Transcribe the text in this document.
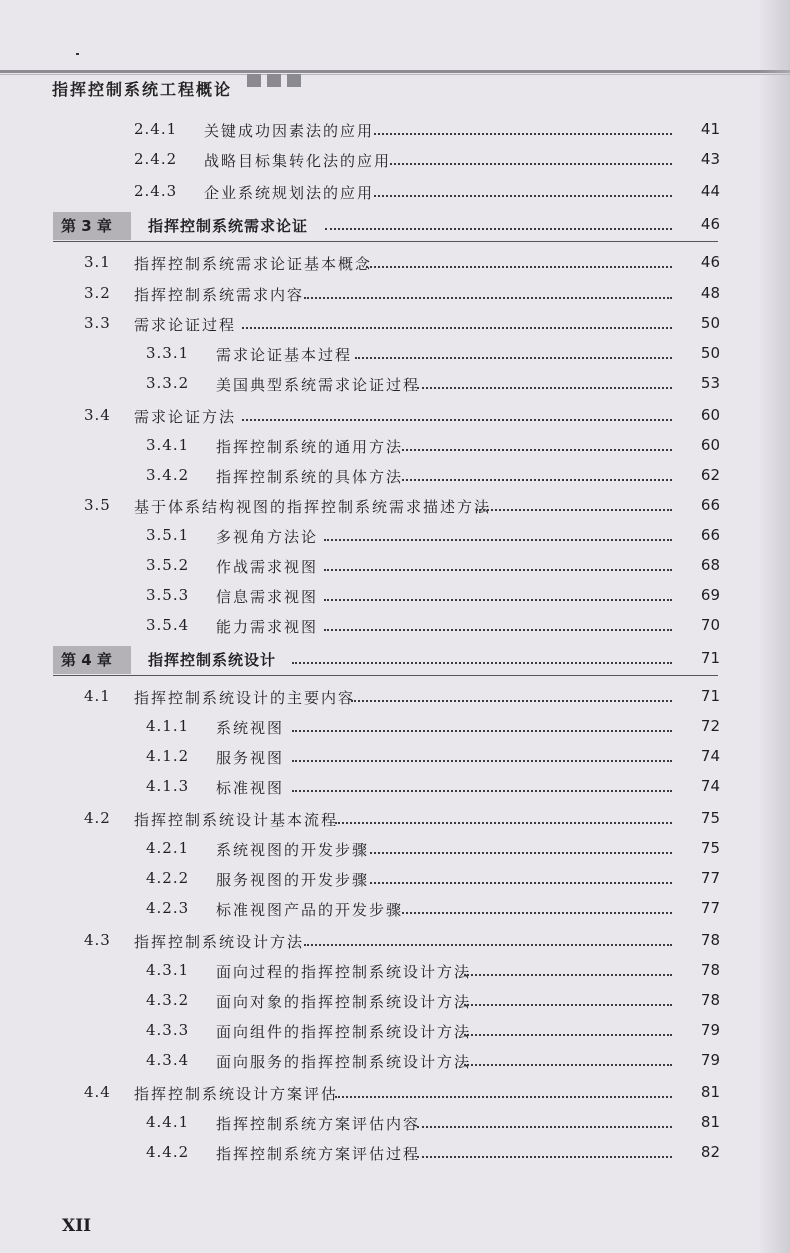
指挥控制系统工程概论
2.4.1 关键成功因素法的应用	41
2.4.2 战略目标集转化法的应用	43
2.4.3 企业系统规划法的应用	44
第 3 章	指挥控制系统需求论证	46
3.1 指挥控制系统需求论证基本概念	46
3.2 指挥控制系统需求内容	48
3.3 需求论证过程	50
3.3.1 需求论证基本过程	50
3.3.2 美国典型系统需求论证过程	53
3.4 需求论证方法	60
3.4.1 指挥控制系统的通用方法	60
3.4.2 指挥控制系统的具体方法	62
3.5 基于体系结构视图的指挥控制系统需求描述方法	66
3.5.1 多视角方法论	66
3.5.2 作战需求视图	68
3.5.3 信息需求视图	69
3.5.4 能力需求视图	70
第 4 章	指挥控制系统设计	71
4.1 指挥控制系统设计的主要内容	71
4.1.1 系统视图	72
4.1.2 服务视图	74
4.1.3 标准视图	74
4.2 指挥控制系统设计基本流程	75
4.2.1 系统视图的开发步骤	75
4.2.2 服务视图的开发步骤	77
4.2.3 标准视图产品的开发步骤	77
4.3 指挥控制系统设计方法	78
4.3.1 面向过程的指挥控制系统设计方法	78
4.3.2 面向对象的指挥控制系统设计方法	78
4.3.3 面向组件的指挥控制系统设计方法	79
4.3.4 面向服务的指挥控制系统设计方法	79
4.4 指挥控制系统设计方案评估	81
4.4.1 指挥控制系统方案评估内容	81
4.4.2 指挥控制系统方案评估过程	82
XII
